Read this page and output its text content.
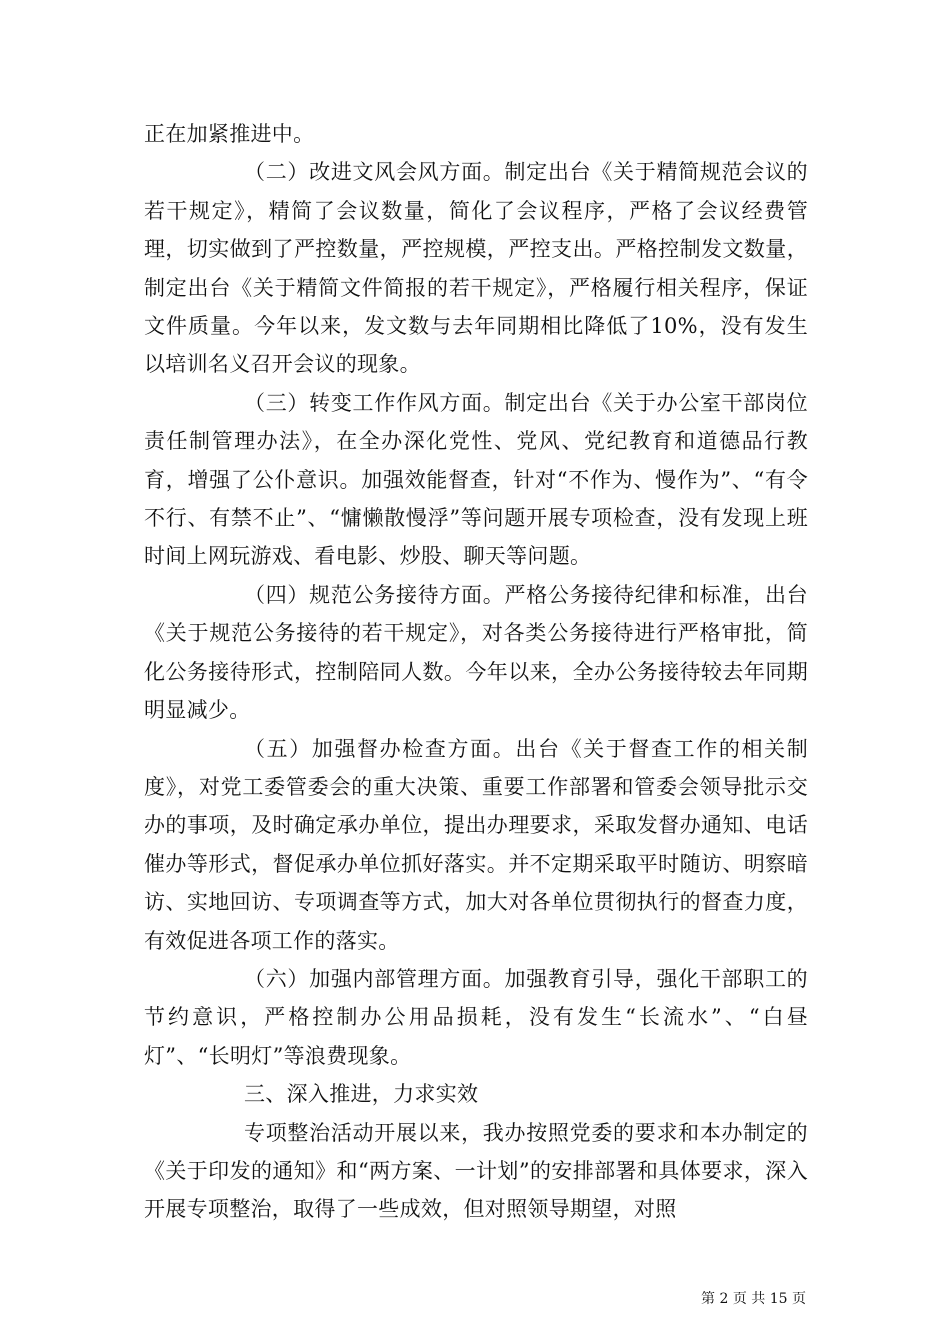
正在加紧推进中。

（二）改进文风会风方面。制定出台《关于精简规范会议的若干规定》，精简了会议数量，简化了会议程序，严格了会议经费管理，切实做到了严控数量，严控规模，严控支出。严格控制发文数量，制定出台《关于精简文件简报的若干规定》，严格履行相关程序，保证文件质量。今年以来，发文数与去年同期相比降低了10%，没有发生以培训名义召开会议的现象。

（三）转变工作作风方面。制定出台《关于办公室干部岗位责任制管理办法》，在全办深化党性、党风、党纪教育和道德品行教育，增强了公仆意识。加强效能督查，针对“不作为、慢作为”、“有令不行、有禁不止”、“慵懒散慢浮”等问题开展专项检查，没有发现上班时间上网玩游戏、看电影、炒股、聊天等问题。

（四）规范公务接待方面。严格公务接待纪律和标准，出台《关于规范公务接待的若干规定》，对各类公务接待进行严格审批，简化公务接待形式，控制陪同人数。今年以来，全办公务接待较去年同期明显减少。

（五）加强督办检查方面。出台《关于督查工作的相关制度》，对党工委管委会的重大决策、重要工作部署和管委会领导批示交办的事项，及时确定承办单位，提出办理要求，采取发督办通知、电话催办等形式，督促承办单位抓好落实。并不定期采取平时随访、明察暗访、实地回访、专项调查等方式，加大对各单位贯彻执行的督查力度，有效促进各项工作的落实。

（六）加强内部管理方面。加强教育引导，强化干部职工的节约意识，严格控制办公用品损耗，没有发生“长流水”、“白昼灯”、“长明灯”等浪费现象。

三、深入推进，力求实效

专项整治活动开展以来，我办按照党委的要求和本办制定的《关于印发的通知》和“两方案、一计划”的安排部署和具体要求，深入开展专项整治，取得了一些成效，但对照领导期望，对照

第 2 页 共 15 页
